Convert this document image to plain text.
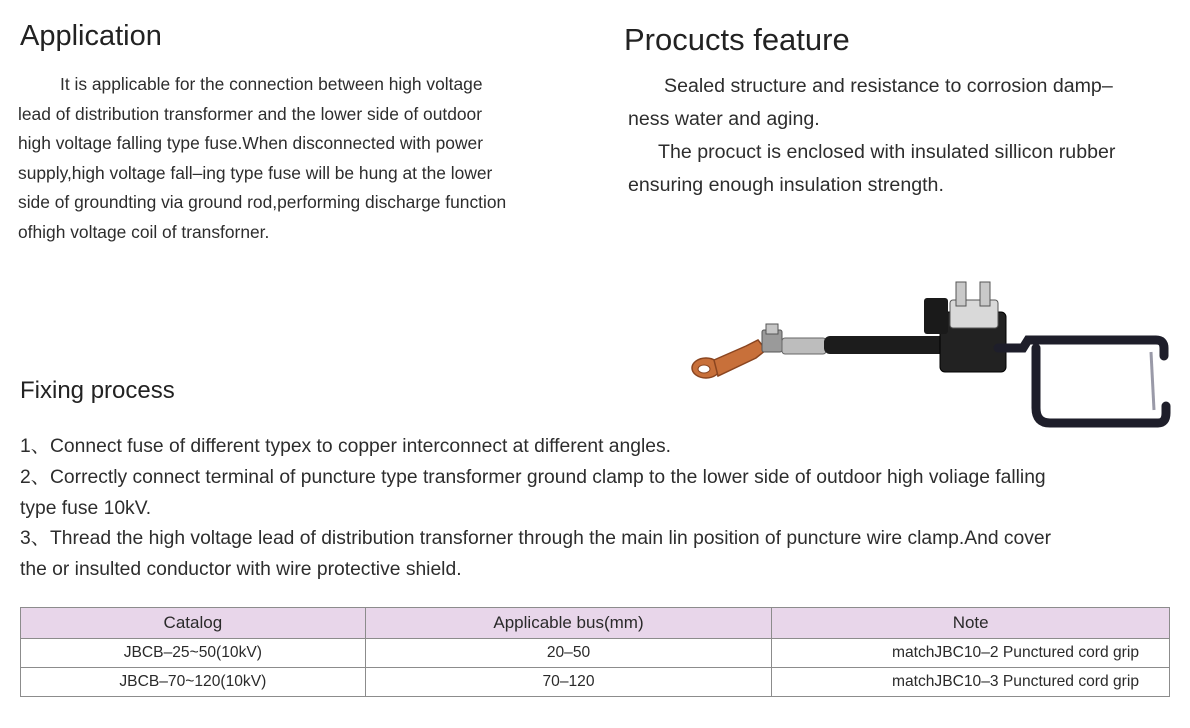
Application
It is applicable for the connection between high voltage
lead of distribution transformer and the lower side of outdoor
high voltage falling type fuse.When disconnected with power
supply,high voltage fall–ing type fuse will be hung at the lower
side of groundting via ground rod,performing discharge function
ofhigh voltage coil of transforner.
Procucts feature
Sealed structure and resistance to corrosion damp–
ness water and aging.
The procuct is enclosed with insulated sillicon rubber
ensuring enough insulation strength.
Fixing process
1、Connect fuse of different typex to copper interconnect at different angles.
2、Correctly connect terminal of puncture type transformer ground clamp to the lower side of outdoor high voliage falling
type fuse 10kV.
3、Thread the high voltage lead of distribution transforner through the main lin position of puncture wire clamp.And cover
the or insulted conductor with wire protective shield.
Catalog	Applicable bus(mm)	Note
JBCB–25~50(10kV)	20–50	matchJBC10–2 Punctured cord grip
JBCB–70~120(10kV)	70–120	matchJBC10–3 Punctured cord grip
